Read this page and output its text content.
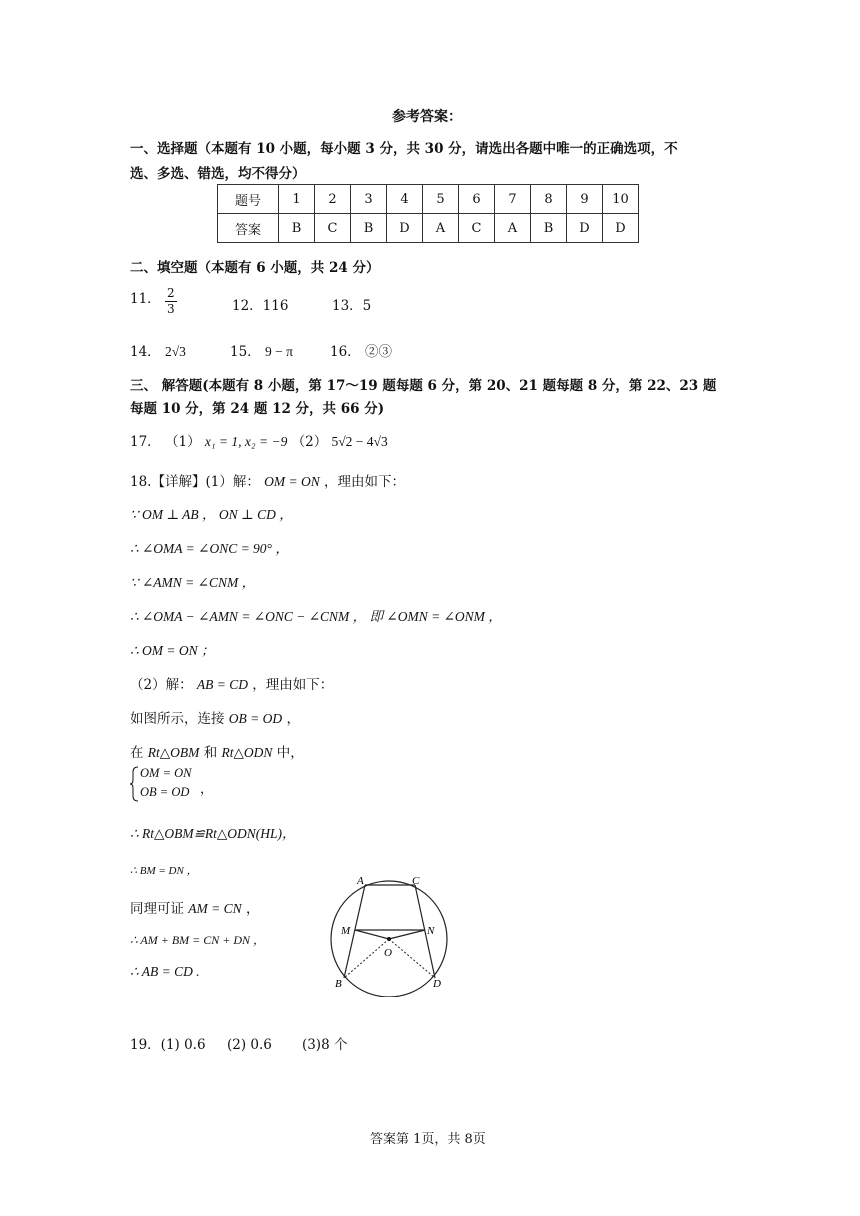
参考答案：
一、选择题（本题有 10 小题，每小题 3 分，共 30 分，请选出各题中唯一的正确选项，不
选、多选、错选，均不得分）
题号	1	2	3	4	5	6	7	8	9	10
答案	B	C	B	D	A	C	A	B	D	D
二、填空题（本题有 6 小题，共 24 分）
11． $\frac{2}{3}$	12．116	13．5
14． 2√3	15． 9 − π	16． ②③
三、 解答题(本题有 8 小题，第 17～19 题每题 6 分，第 20、21 题每题 8 分，第 22、23 题
每题 10 分，第 24 题 12 分，共 66 分)
17． （1） x₁ = 1, x₂ = −9 （2） 5√2 − 4√3
18.【详解】(1）解： OM = ON ，理由如下：
∵ OM ⊥ AB ， ON ⊥ CD ，
∴ ∠OMA = ∠ONC = 90° ，
∵ ∠AMN = ∠CNM ，
∴ ∠OMA − ∠AMN = ∠ONC − ∠CNM ， 即 ∠OMN = ∠ONM ，
∴ OM = ON ；
（2）解： AB = CD ，理由如下：
如图所示，连接 OB = OD ，
在 Rt△OBM 和 Rt△ODN 中，
OM = ON
OB = OD ，
∴ Rt△OBM≌Rt△ODN(HL)，
∴ BM = DN ，
同理可证 AM = CN ，
∴ AM + BM = CN + DN ，
∴ AB = CD .
A	C
M	N
O
B	D
19．(1) 0.6     (2) 0.6       (3)8 个
答案第 1页，共 8页
